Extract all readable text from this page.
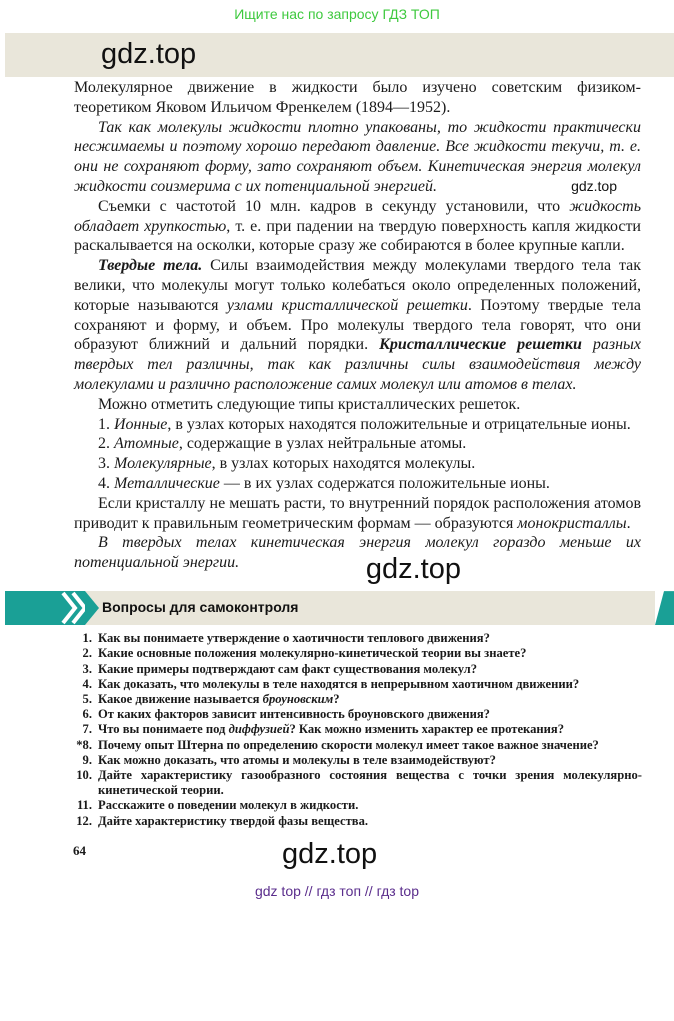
Ищите нас по запросу ГДЗ ТОП
gdz.top

Молекулярное движение в жидкости было изучено советским физиком-теоретиком Яковом Ильичом Френкелем (1894—1952).

Так как молекулы жидкости плотно упакованы, то жидкости практически несжимаемы и поэтому хорошо передают давление. Все жидкости текучи, т. е. они не сохраняют форму, зато сохраняют объем. Кинетическая энергия молекул жидкости соизмерима с их потенциальной энергией.	gdz.top

Съемки с частотой 10 млн. кадров в секунду установили, что жидкость обладает хрупкостью, т. е. при падении на твердую поверхность капля жидкости раскалывается на осколки, которые сразу же собираются в более крупные капли.

Твердые тела. Силы взаимодействия между молекулами твердого тела так велики, что молекулы могут только колебаться около определенных положений, которые называются узлами кристаллической решетки. Поэтому твердые тела сохраняют и форму, и объем. Про молекулы твердого тела говорят, что они образуют ближний и дальний порядки. Кристаллические решетки разных твердых тел различны, так как различны силы взаимодействия между молекулами и различно расположение самих молекул или атомов в телах.

Можно отметить следующие типы кристаллических решеток.

1. Ионные, в узлах которых находятся положительные и отрицательные ионы.

2. Атомные, содержащие в узлах нейтральные атомы.

3. Молекулярные, в узлах которых находятся молекулы.

4. Металлические — в их узлах содержатся положительные ионы.

Если кристаллу не мешать расти, то внутренний порядок расположения атомов приводит к правильным геометрическим формам — образуются монокристаллы.

В твердых телах кинетическая энергия молекул гораздо меньше их потенциальной энергии.	gdz.top

Вопросы для самоконтроля
1. Как вы понимаете утверждение о хаотичности теплового движения?
2. Какие основные положения молекулярно-кинетической теории вы знаете?
3. Какие примеры подтверждают сам факт существования молекул?
4. Как доказать, что молекулы в теле находятся в непрерывном хаотичном движении?
5. Какое движение называется броуновским?
6. От каких факторов зависит интенсивность броуновского движения?
7. Что вы понимаете под диффузией? Как можно изменить характер ее протекания?
*8. Почему опыт Штерна по определению скорости молекул имеет такое важное значение?
9. Как можно доказать, что атомы и молекулы в теле взаимодействуют?
10. Дайте характеристику газообразного состояния вещества с точки зрения молекулярно-кинетической теории.
11. Расскажите о поведении молекул в жидкости.
12. Дайте характеристику твердой фазы вещества.
64	gdz.top
gdz top // гдз топ // гдз top
